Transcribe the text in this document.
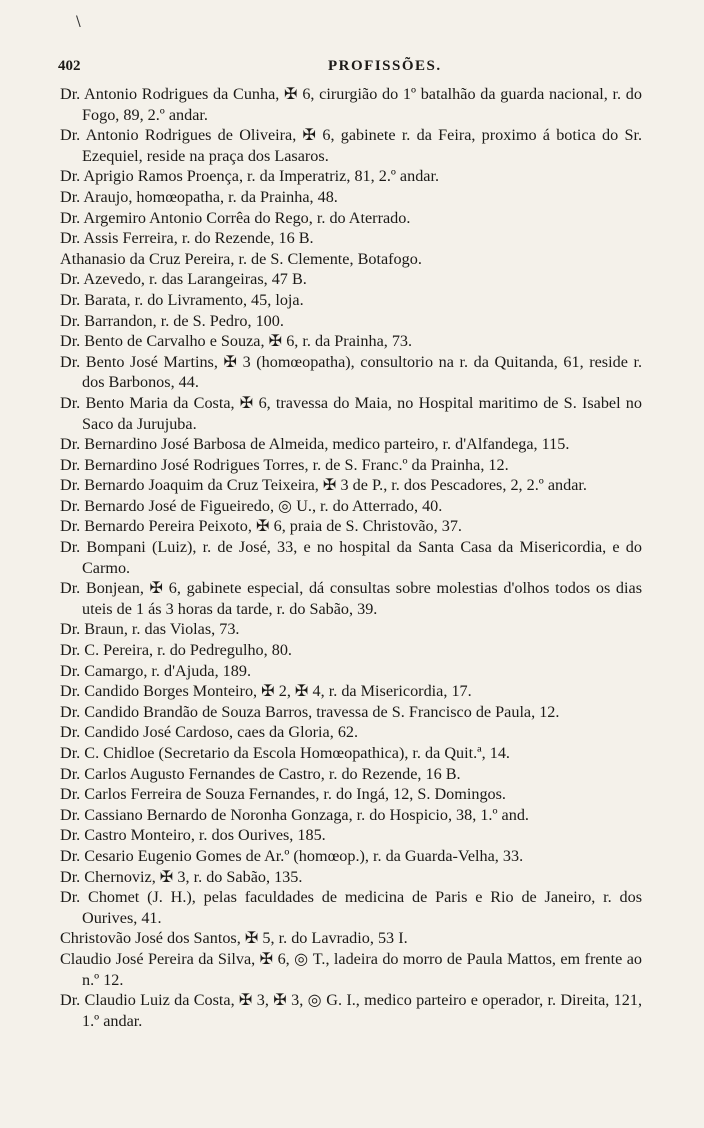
\
402	PROFISSÕES.
Dr. Antonio Rodrigues da Cunha, ✠ 6, cirurgião do 1º batalhão da guarda nacional, r. do Fogo, 89, 2.º andar.
Dr. Antonio Rodrigues de Oliveira, ✠ 6, gabinete r. da Feira, proximo á botica do Sr. Ezequiel, reside na praça dos Lasaros.
Dr. Aprigio Ramos Proença, r. da Imperatriz, 81, 2.º andar.
Dr. Araujo, homœopatha, r. da Prainha, 48.
Dr. Argemiro Antonio Corrêa do Rego, r. do Aterrado.
Dr. Assis Ferreira, r. do Rezende, 16 B.
Athanasio da Cruz Pereira, r. de S. Clemente, Botafogo.
Dr. Azevedo, r. das Larangeiras, 47 B.
Dr. Barata, r. do Livramento, 45, loja.
Dr. Barrandon, r. de S. Pedro, 100.
Dr. Bento de Carvalho e Souza, ✠ 6, r. da Prainha, 73.
Dr. Bento José Martins, ✠ 3 (homœopatha), consultorio na r. da Quitanda, 61, reside r. dos Barbonos, 44.
Dr. Bento Maria da Costa, ✠ 6, travessa do Maia, no Hospital maritimo de S. Isabel no Saco da Jurujuba.
Dr. Bernardino José Barbosa de Almeida, medico parteiro, r. d'Alfandega, 115.
Dr. Bernardino José Rodrigues Torres, r. de S. Franc.º da Prainha, 12.
Dr. Bernardo Joaquim da Cruz Teixeira, ✠ 3 de P., r. dos Pescadores, 2, 2.º andar.
Dr. Bernardo José de Figueiredo, ◎ U., r. do Atterrado, 40.
Dr. Bernardo Pereira Peixoto, ✠ 6, praia de S. Christovão, 37.
Dr. Bompani (Luiz), r. de José, 33, e no hospital da Santa Casa da Misericordia, e do Carmo.
Dr. Bonjean, ✠ 6, gabinete especial, dá consultas sobre molestias d'olhos todos os dias uteis de 1 ás 3 horas da tarde, r. do Sabão, 39.
Dr. Braun, r. das Violas, 73.
Dr. C. Pereira, r. do Pedregulho, 80.
Dr. Camargo, r. d'Ajuda, 189.
Dr. Candido Borges Monteiro, ✠ 2, ✠ 4, r. da Misericordia, 17.
Dr. Candido Brandão de Souza Barros, travessa de S. Francisco de Paula, 12.
Dr. Candido José Cardoso, caes da Gloria, 62.
Dr. C. Chidloe (Secretario da Escola Homœopathica), r. da Quit.ª, 14.
Dr. Carlos Augusto Fernandes de Castro, r. do Rezende, 16 B.
Dr. Carlos Ferreira de Souza Fernandes, r. do Ingá, 12, S. Domingos.
Dr. Cassiano Bernardo de Noronha Gonzaga, r. do Hospicio, 38, 1.º and.
Dr. Castro Monteiro, r. dos Ourives, 185.
Dr. Cesario Eugenio Gomes de Ar.º (homœop.), r. da Guarda-Velha, 33.
Dr. Chernoviz, ✠ 3, r. do Sabão, 135.
Dr. Chomet (J. H.), pelas faculdades de medicina de Paris e Rio de Janeiro, r. dos Ourives, 41.
Christovão José dos Santos, ✠ 5, r. do Lavradio, 53 I.
Claudio José Pereira da Silva, ✠ 6, ◎ T., ladeira do morro de Paula Mattos, em frente ao n.º 12.
Dr. Claudio Luiz da Costa, ✠ 3, ✠ 3, ◎ G. I., medico parteiro e operador, r. Direita, 121, 1.º andar.
